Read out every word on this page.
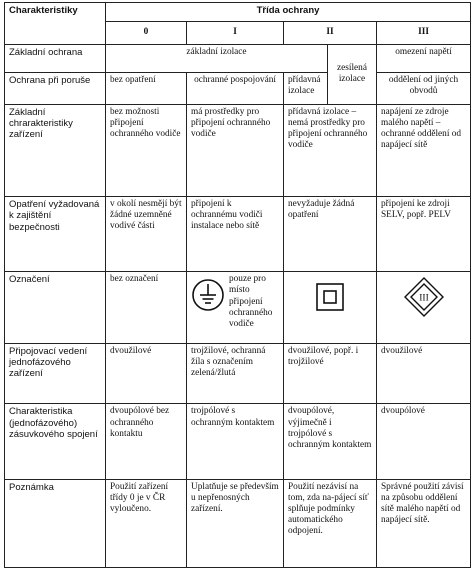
Charakteristiky	Třída ochrany				
	0	I	II		III
Základní ochrana	základní izolace			zesílená izolace	omezení napětí

Ochrana při poruše	bez opatření	ochranné pospojování	přídavná izolace		oddělení od jiných obvodů

Základní chrarakteristiky zařízení	bez možnosti připojení ochranného vodiče	má prostředky pro připojení ochranného vodiče	přídavná izolace – nemá prostředky pro připojení ochranného vodiče		napájení ze zdroje malého napětí – ochranné oddělení od napájecí sítě
Opatření vyžadovaná k zajištění bezpečnosti	v okolí nesmějí být žádné uzemněné vodivé části	připojení k ochrannému vodiči instalace nebo sítě	nevyžaduje žádná opatření		připojení ke zdroji SELV, popř. PELV
Označení	bez označení	pouze pro místo připojení ochranného vodiče			III

Připojovací vedení jednofázového zařízení	dvoužilové	trojžilové, ochranná žíla s označením zelená/žlutá	dvoužilové, popř. i trojžilové		dvoužilové
Charakteristika (jednofázového) zásuvkového spojení	dvoupólové bez ochranného kontaktu	trojpólové s ochranným kontaktem	dvoupólové, výjimečně i trojpólové s ochranným kontaktem		dvoupólové
Poznámka	Použití zařízení třídy 0 je v ČR vyloučeno.	Uplatňuje se především u nepřenosných zařízení.	Použití nezávisí na tom, zda na-pájecí síť splňuje podmínky automatického odpojení.		Správné použití závisí na způsobu oddělení sítě malého napětí od napájecí sítě.
